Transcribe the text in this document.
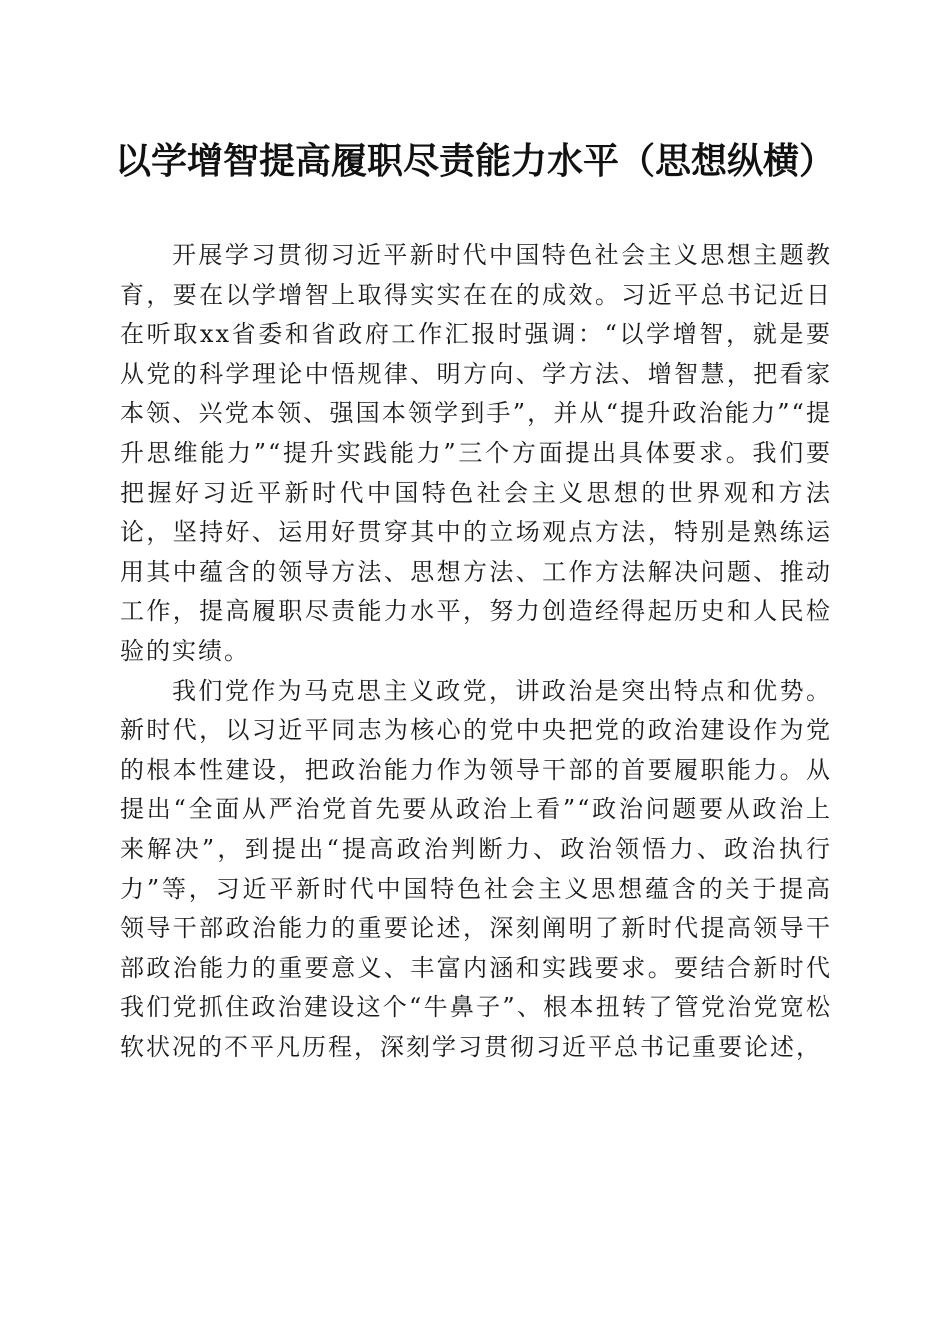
以学增智提高履职尽责能力水平（思想纵横）

开展学习贯彻习近平新时代中国特色社会主义思想主题教育，要在以学增智上取得实实在在的成效。习近平总书记近日在听取xx省委和省政府工作汇报时强调：“以学增智，就是要从党的科学理论中悟规律、明方向、学方法、增智慧，把看家本领、兴党本领、强国本领学到手”，并从“提升政治能力”“提升思维能力”“提升实践能力”三个方面提出具体要求。我们要把握好习近平新时代中国特色社会主义思想的世界观和方法论，坚持好、运用好贯穿其中的立场观点方法，特别是熟练运用其中蕴含的领导方法、思想方法、工作方法解决问题、推动工作，提高履职尽责能力水平，努力创造经得起历史和人民检验的实绩。

我们党作为马克思主义政党，讲政治是突出特点和优势。新时代，以习近平同志为核心的党中央把党的政治建设作为党的根本性建设，把政治能力作为领导干部的首要履职能力。从提出“全面从严治党首先要从政治上看”“政治问题要从政治上来解决”，到提出“提高政治判断力、政治领悟力、政治执行力”等，习近平新时代中国特色社会主义思想蕴含的关于提高领导干部政治能力的重要论述，深刻阐明了新时代提高领导干部政治能力的重要意义、丰富内涵和实践要求。要结合新时代我们党抓住政治建设这个“牛鼻子”、根本扭转了管党治党宽松软状况的不平凡历程，深刻学习贯彻习近平总书记重要论述，
